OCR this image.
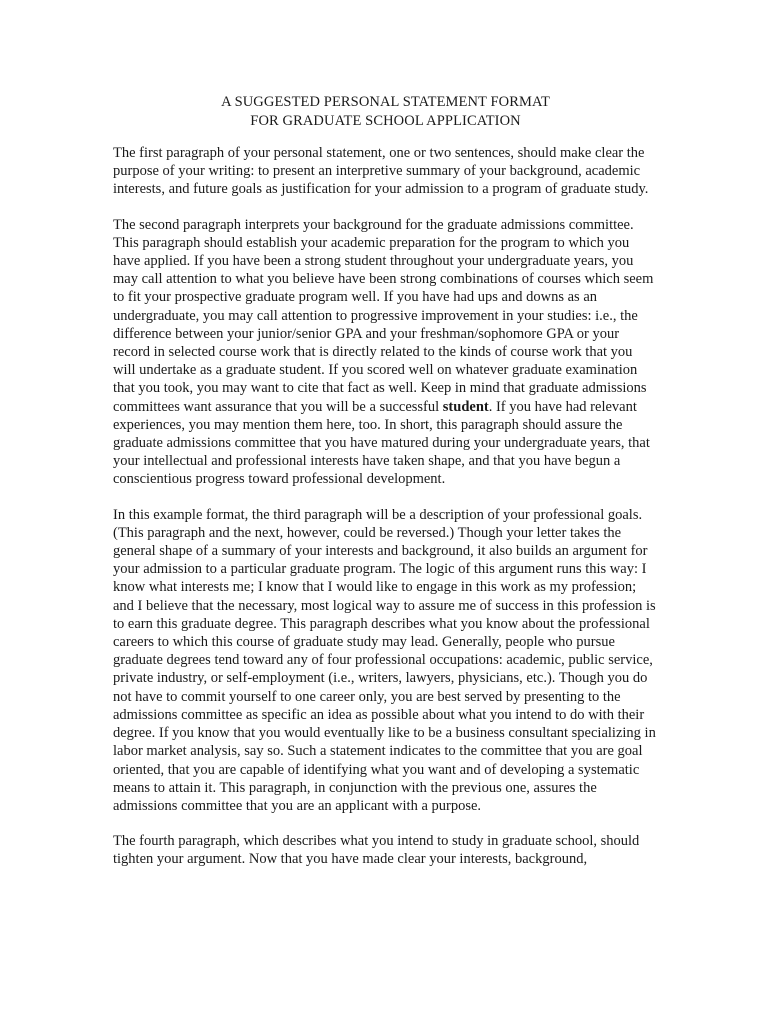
A SUGGESTED PERSONAL STATEMENT FORMAT
FOR GRADUATE SCHOOL APPLICATION

The first paragraph of your personal statement, one or two sentences, should make clear the purpose of your writing: to present an interpretive summary of your background, academic interests, and future goals as justification for your admission to a program of graduate study.

The second paragraph interprets your background for the graduate admissions committee. This paragraph should establish your academic preparation for the program to which you have applied. If you have been a strong student throughout your undergraduate years, you may call attention to what you believe have been strong combinations of courses which seem to fit your prospective graduate program well. If you have had ups and downs as an undergraduate, you may call attention to progressive improvement in your studies: i.e., the difference between your junior/senior GPA and your freshman/sophomore GPA or your record in selected course work that is directly related to the kinds of course work that you will undertake as a graduate student. If you scored well on whatever graduate examination that you took, you may want to cite that fact as well. Keep in mind that graduate admissions committees want assurance that you will be a successful student. If you have had relevant experiences, you may mention them here, too. In short, this paragraph should assure the graduate admissions committee that you have matured during your undergraduate years, that your intellectual and professional interests have taken shape, and that you have begun a conscientious progress toward professional development.

In this example format, the third paragraph will be a description of your professional goals. (This paragraph and the next, however, could be reversed.) Though your letter takes the general shape of a summary of your interests and background, it also builds an argument for your admission to a particular graduate program. The logic of this argument runs this way: I know what interests me; I know that I would like to engage in this work as my profession; and I believe that the necessary, most logical way to assure me of success in this profession is to earn this graduate degree. This paragraph describes what you know about the professional careers to which this course of graduate study may lead. Generally, people who pursue graduate degrees tend toward any of four professional occupations: academic, public service, private industry, or self-employment (i.e., writers, lawyers, physicians, etc.). Though you do not have to commit yourself to one career only, you are best served by presenting to the admissions committee as specific an idea as possible about what you intend to do with their degree. If you know that you would eventually like to be a business consultant specializing in labor market analysis, say so. Such a statement indicates to the committee that you are goal oriented, that you are capable of identifying what you want and of developing a systematic means to attain it. This paragraph, in conjunction with the previous one, assures the admissions committee that you are an applicant with a purpose.

The fourth paragraph, which describes what you intend to study in graduate school, should tighten your argument. Now that you have made clear your interests, background,
